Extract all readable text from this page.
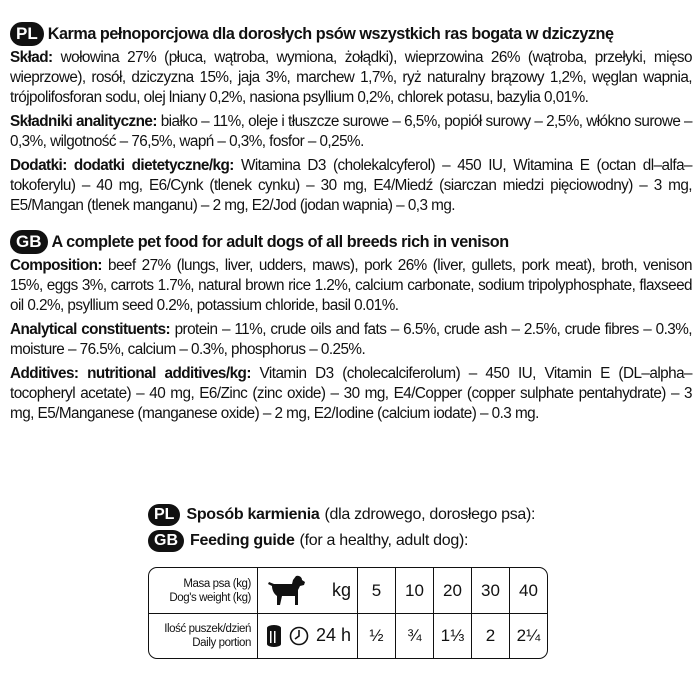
PL Karma pełnoporcjowa dla dorosłych psów wszystkich ras bogata w dziczyznę

Skład: wołowina 27% (płuca, wątroba, wymiona, żołądki), wieprzowina 26% (wątroba, przełyki, mięso wieprzowe), rosół, dziczyzna 15%, jaja 3%, marchew 1,7%, ryż naturalny brązowy 1,2%, węglan wapnia, trójpolifosforan sodu, olej lniany 0,2%, nasiona psyllium 0,2%, chlorek potasu, bazylia 0,01%.

Składniki analityczne: białko – 11%, oleje i tłuszcze surowe – 6,5%, popiół surowy – 2,5%, włókno surowe – 0,3%, wilgotność – 76,5%, wapń – 0,3%, fosfor – 0,25%.

Dodatki: dodatki dietetyczne/kg: Witamina D3 (cholekalcyferol) – 450 IU, Witamina E (octan dl–alfa–tokoferylu) – 40 mg, E6/Cynk (tlenek cynku) – 30 mg, E4/Miedź (siarczan miedzi pięciowodny) – 3 mg, E5/Mangan (tlenek manganu) – 2 mg, E2/Jod (jodan wapnia) – 0,3 mg.

GB A complete pet food for adult dogs of all breeds rich in venison

Composition: beef 27% (lungs, liver, udders, maws), pork 26% (liver, gullets, pork meat), broth, venison 15%, eggs 3%, carrots 1.7%, natural brown rice 1.2%, calcium carbonate, sodium tripolyphosphate, flaxseed oil 0.2%, psyllium seed 0.2%, potassium chloride, basil 0.01%.

Analytical constituents: protein – 11%, crude oils and fats – 6.5%, crude ash – 2.5%, crude fibres – 0.3%, moisture – 76.5%, calcium – 0.3%, phosphorus – 0.25%.

Additives: nutritional additives/kg: Vitamin D3 (cholecalciferolum) – 450 IU, Vitamin E (DL–alpha–tocopheryl acetate) – 40 mg, E6/Zinc (zinc oxide) – 30 mg, E4/Copper (copper sulphate pentahydrate) – 3 mg, E5/Manganese (manganese oxide) – 2 mg, E2/Iodine (calcium iodate) – 0.3 mg.

PL Sposób karmienia (dla zdrowego, dorosłego psa):
GB Feeding guide (for a healthy, adult dog):
Masa psa (kg)
Dog's weight (kg)	kg	5	10	20	30	40
Ilość puszek/dzień
Daily portion	24 h	½	¾	1⅓	2	2¼
